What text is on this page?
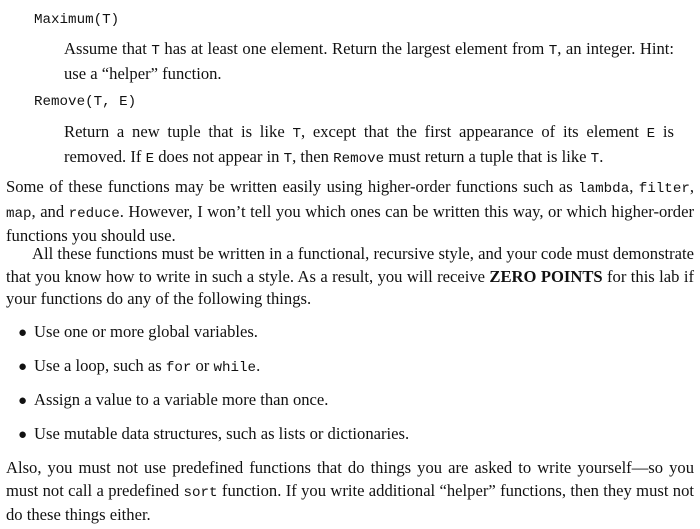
Maximum(T)
Assume that T has at least one element. Return the largest element from T, an integer. Hint: use a “helper” function.
Remove(T, E)
Return a new tuple that is like T, except that the first appearance of its element E is removed. If E does not appear in T, then Remove must return a tuple that is like T.
Some of these functions may be written easily using higher-order functions such as lambda, filter, map, and reduce. However, I won’t tell you which ones can be written this way, or which higher-order functions you should use.
All these functions must be written in a functional, recursive style, and your code must demonstrate that you know how to write in such a style. As a result, you will receive ZERO POINTS for this lab if your functions do any of the following things.
● Use one or more global variables.
● Use a loop, such as for or while.
● Assign a value to a variable more than once.
● Use mutable data structures, such as lists or dictionaries.
Also, you must not use predefined functions that do things you are asked to write yourself—so you must not call a predefined sort function. If you write additional “helper” functions, then they must not do these things either.
